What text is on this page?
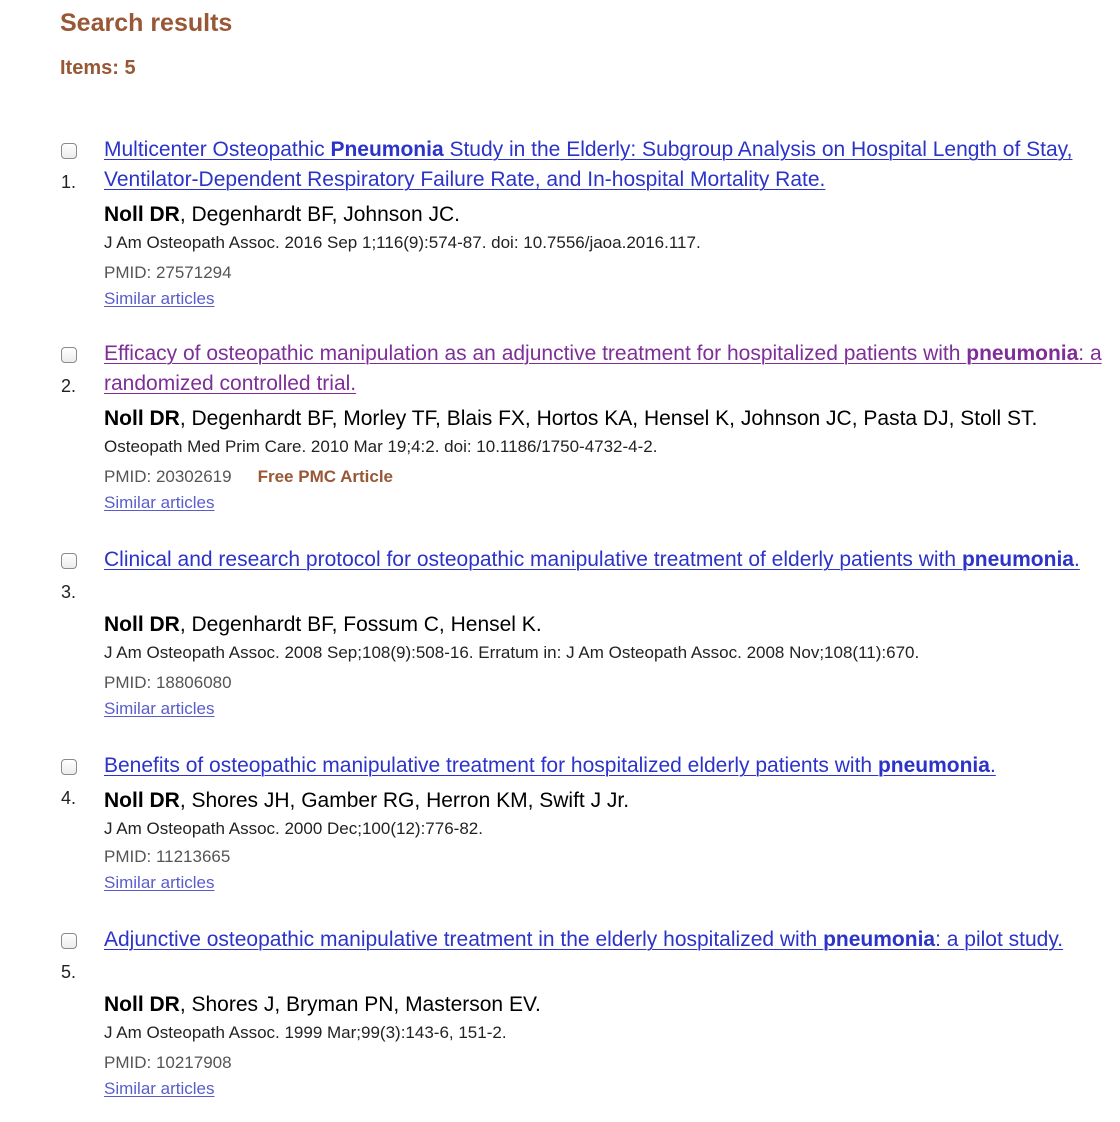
Search results
Items: 5
1.
Multicenter Osteopathic Pneumonia Study in the Elderly: Subgroup Analysis on Hospital Length of Stay, Ventilator-Dependent Respiratory Failure Rate, and In-hospital Mortality Rate.
Noll DR, Degenhardt BF, Johnson JC.
J Am Osteopath Assoc. 2016 Sep 1;116(9):574-87. doi: 10.7556/jaoa.2016.117.
PMID: 27571294
Similar articles
2.
Efficacy of osteopathic manipulation as an adjunctive treatment for hospitalized patients with pneumonia: a randomized controlled trial.
Noll DR, Degenhardt BF, Morley TF, Blais FX, Hortos KA, Hensel K, Johnson JC, Pasta DJ, Stoll ST.
Osteopath Med Prim Care. 2010 Mar 19;4:2. doi: 10.1186/1750-4732-4-2.
PMID: 20302619 Free PMC Article
Similar articles
3.
Clinical and research protocol for osteopathic manipulative treatment of elderly patients with pneumonia.
Noll DR, Degenhardt BF, Fossum C, Hensel K.
J Am Osteopath Assoc. 2008 Sep;108(9):508-16. Erratum in: J Am Osteopath Assoc. 2008 Nov;108(11):670.
PMID: 18806080
Similar articles
4.
Benefits of osteopathic manipulative treatment for hospitalized elderly patients with pneumonia.
Noll DR, Shores JH, Gamber RG, Herron KM, Swift J Jr.
J Am Osteopath Assoc. 2000 Dec;100(12):776-82.
PMID: 11213665
Similar articles
5.
Adjunctive osteopathic manipulative treatment in the elderly hospitalized with pneumonia: a pilot study.
Noll DR, Shores J, Bryman PN, Masterson EV.
J Am Osteopath Assoc. 1999 Mar;99(3):143-6, 151-2.
PMID: 10217908
Similar articles
